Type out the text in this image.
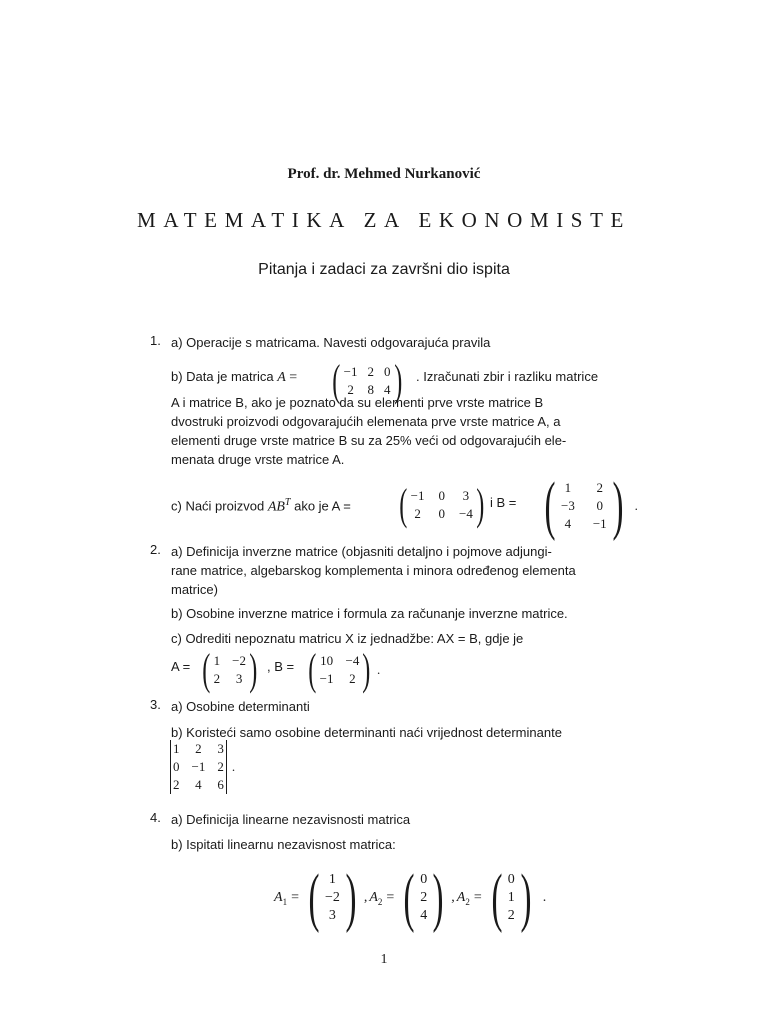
Prof. dr. Mehmed Nurkanović
MATEMATIKA ZA EKONOMISTE
Pitanja i zadaci za završni dio ispita
1. a) Operacije s matricama. Navesti odgovarajuća pravila
b) Data je matrica A = ( −1 2 0
2 8 4 ) . Izračunati zbir i razliku matrice
A i matrice B, ako je poznato da su elementi prve vrste matrice B
dvostruki proizvodi odgovarajućih elemenata prve vrste matrice A, a
elementi druge vrste matrice B su za 25% veći od odgovarajućih ele-
menata druge vrste matrice A.
c) Naći proizvod $AB^T$ ako je A = ( −1 0 3
2 0 −4 ) i B = ( 1 2
−3 0
4 −1 ) .
2. a) Definicija inverzne matrice (objasniti detaljno i pojmove adjungi-
rane matrice, algebarskog komplementa i minora određenog elementa
matrice)
b) Osobine inverzne matrice i formula za računanje inverzne matrice.
c) Odrediti nepoznatu matricu X iz jednadžbe: AX = B, gdje je
A = ( 1 −2
2 3 ) , B = ( 10 −4
−1 2 ) .
3. a) Osobine determinanti
b) Koristeći samo osobine determinanti naći vrijednost determinante
1 2 3
0 −1 2
2 4 6
.
4. a) Definicija linearne nezavisnosti matrica
b) Ispitati linearnu nezavisnost matrica:
$A_1$ = ( 1
−2
3 ) , $A_2$ = ( 0
2
4 ) , $A_2$ = ( 0
1
2 ) .
1
